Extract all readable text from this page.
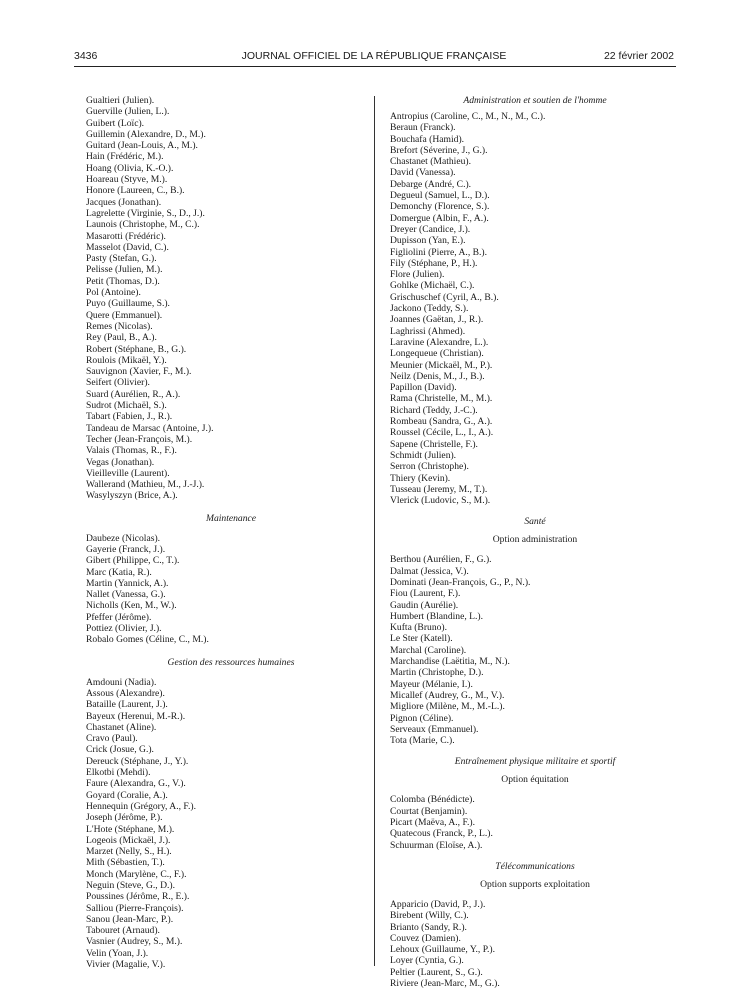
3436	JOURNAL OFFICIEL DE LA RÉPUBLIQUE FRANÇAISE	22 février 2002
Gualtieri (Julien).
Guerville (Julien, L.).
Guibert (Loïc).
Guillemin (Alexandre, D., M.).
Guitard (Jean-Louis, A., M.).
Hain (Frédéric, M.).
Hoang (Olivia, K.-O.).
Hoareau (Styve, M.).
Honore (Laureen, C., B.).
Jacques (Jonathan).
Lagrelette (Virginie, S., D., J.).
Launois (Christophe, M., C.).
Masarotti (Frédéric).
Masselot (David, C.).
Pasty (Stefan, G.).
Pelisse (Julien, M.).
Petit (Thomas, D.).
Pol (Antoine).
Puyo (Guillaume, S.).
Quere (Emmanuel).
Remes (Nicolas).
Rey (Paul, B., A.).
Robert (Stéphane, B., G.).
Roulois (Mikaël, Y.).
Sauvignon (Xavier, F., M.).
Seifert (Olivier).
Suard (Aurélien, R., A.).
Sudrot (Michaël, S.).
Tabart (Fabien, J., R.).
Tandeau de Marsac (Antoine, J.).
Techer (Jean-François, M.).
Valais (Thomas, R., F.).
Vegas (Jonathan).
Vieilleville (Laurent).
Wallerand (Mathieu, M., J.-J.).
Wasylyszyn (Brice, A.).

Maintenance

Daubeze (Nicolas).
Gayerie (Franck, J.).
Gibert (Philippe, C., T.).
Marc (Katia, R.).
Martin (Yannick, A.).
Nallet (Vanessa, G.).
Nicholls (Ken, M., W.).
Pfeffer (Jérôme).
Pottiez (Olivier, J.).
Robalo Gomes (Céline, C., M.).

Gestion des ressources humaines

Amdouni (Nadia).
Assous (Alexandre).
Bataille (Laurent, J.).
Bayeux (Herenui, M.-R.).
Chastanet (Aline).
Cravo (Paul).
Crick (Josue, G.).
Dereuck (Stéphane, J., Y.).
Elkotbi (Mehdi).
Faure (Alexandra, G., V.).
Goyard (Coralie, A.).
Hennequin (Grégory, A., F.).
Joseph (Jérôme, P.).
L'Hote (Stéphane, M.).
Logeois (Mickaël, J.).
Marzet (Nelly, S., H.).
Mith (Sébastien, T.).
Monch (Marylène, C., F.).
Neguin (Steve, G., D.).
Poussines (Jérôme, R., E.).
Salliou (Pierre-François).
Sanou (Jean-Marc, P.).
Tabouret (Arnaud).
Vasnier (Audrey, S., M.).
Velin (Yoan, J.).
Vivier (Magalie, V.).

Administration et soutien de l'homme

Antropius (Caroline, C., M., N., M., C.).
Beraun (Franck).
Bouchafa (Hamid).
Brefort (Séverine, J., G.).
Chastanet (Mathieu).
David (Vanessa).
Debarge (André, C.).
Degueul (Samuel, L., D.).
Demonchy (Florence, S.).
Domergue (Albin, F., A.).
Dreyer (Candice, J.).
Dupisson (Yan, E.).
Figliolini (Pierre, A., B.).
Fily (Stéphane, P., H.).
Flore (Julien).
Gohlke (Michaël, C.).
Grischuschef (Cyril, A., B.).
Jackono (Teddy, S.).
Joannes (Gaëtan, J., R.).
Laghrissi (Ahmed).
Laravine (Alexandre, L.).
Longequeue (Christian).
Meunier (Mickaël, M., P.).
Neilz (Denis, M., J., B.).
Papillon (David).
Rama (Christelle, M., M.).
Richard (Teddy, J.-C.).
Rombeau (Sandra, G., A.).
Roussel (Cécile, L., I., A.).
Sapene (Christelle, F.).
Schmidt (Julien).
Serron (Christophe).
Thiery (Kevin).
Tusseau (Jeremy, M., T.).
Vlerick (Ludovic, S., M.).

Santé

Option administration

Berthou (Aurélien, F., G.).
Dalmat (Jessica, V.).
Dominati (Jean-François, G., P., N.).
Fiou (Laurent, F.).
Gaudin (Aurélie).
Humbert (Blandine, L.).
Kufta (Bruno).
Le Ster (Katell).
Marchal (Caroline).
Marchandise (Laëtitia, M., N.).
Martin (Christophe, D.).
Mayeur (Mélanie, I.).
Micallef (Audrey, G., M., V.).
Migliore (Milène, M., M.-L.).
Pignon (Céline).
Serveaux (Emmanuel).
Tota (Marie, C.).

Entraînement physique militaire et sportif

Option équitation

Colomba (Bénédicte).
Courtat (Benjamin).
Picart (Maëva, A., F.).
Quatecous (Franck, P., L.).
Schuurman (Eloïse, A.).

Télécommunications

Option supports exploitation

Apparicio (David, P., J.).
Birebent (Willy, C.).
Brianto (Sandy, R.).
Couvez (Damien).
Lehoux (Guillaume, Y., P.).
Loyer (Cyntia, G.).
Peltier (Laurent, S., G.).
Riviere (Jean-Marc, M., G.).
